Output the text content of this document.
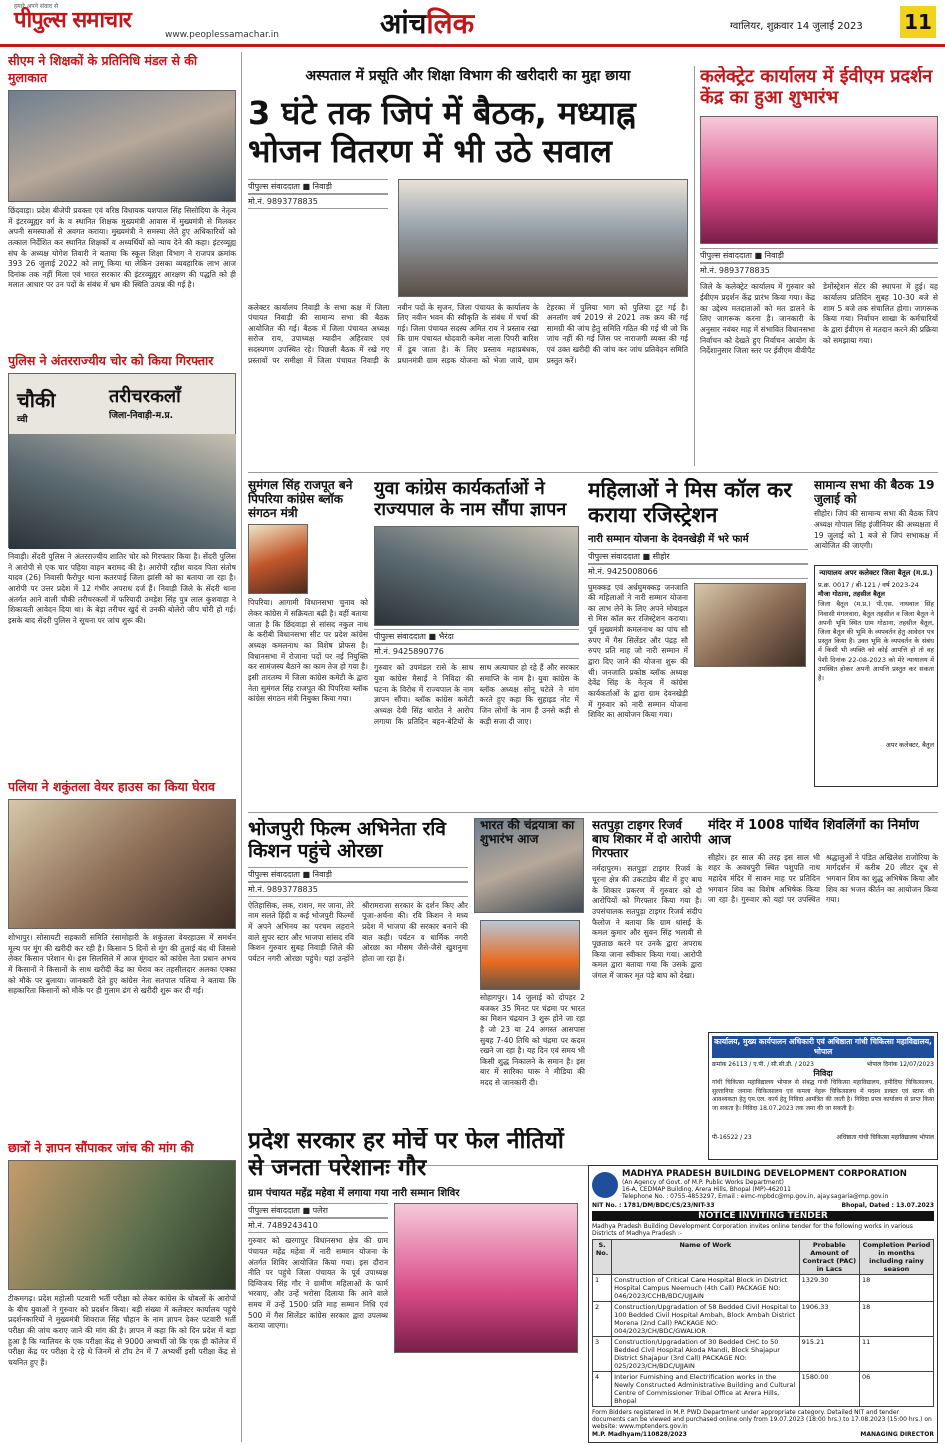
हमारे अपने संवाद से
पीपुल्स समाचार
www.peoplessamachar.in	आंचलिक	ग्वालियर, शुक्रवार 14 जुलाई 2023 11
सीएम ने शिक्षकों के प्रतिनिधि मंडल से की मुलाकात
छिंदवाड़ा। प्रदेश बीजेपी प्रवक्ता एवं वरिष्ठ विधायक यशपाल सिंह सिसोदिया के नेतृत्व में इंटरव्यूह्यर वर्ग के व स्थानित शिक्षक मुख्यमंत्री आवास में मुख्यमंत्री से मिलकर अपनी समस्याओं से अवगत कराया। मुख्यमंत्री ने समस्या लेते हुए अधिकारियों को तत्काल निर्देशित कर स्थानित शिक्षकों व अध्यर्थियों को न्याय देने की कहा। इंटरव्यूह्य संघ के अध्यक्ष योगेश तिवारी ने बताया कि स्कूल शिक्षा विभाग ने राजपत्र क्रमांक 393 26 जुलाई 2022 को लागू किया था लेकिन उसका व्यवहारिक लाभ आज दिनांक तक नहीं मिला एवं भारत सरकार की इंटरव्यूह्यर आरक्षण की पद्धति को ही मलात आधार पर उन पदों के संबंध में भ्रम की स्थिति उत्पन्न की गई है।
पुलिस ने अंतरराज्यीय चोर को किया गिरफ्तार
चौकी
व्वी
तरीचरकलाँ
जिला-निवाड़ी-म.प्र.
निवाड़ी। सेंदरी पुलिस ने अंतरराज्यीय शातिर चोर को गिरफ्तार किया है। सेंदरी पुलिस ने आरोपी से एक चार पहिया वाहन बरामद की है। आरोपी रहीश यादव पिता संतोष यादव (26) निवासी फैरोपुर थाना कतरपाई जिला झांसी को का बताया जा रहा है। आरोपी पर उत्तर प्रदेश में 12 गंभीर अपराध दर्ज हैं। निवाड़ी जिले के सेंदरी थाना अंतर्गत आने वाली चौकी तरीचरकलाँ में फरियादी उमड़ेश सिंह पुत्र लाल कुशवाहा ने शिकायती आवेदन दिया था। के बेड़ा तरीचर खुर्द से उनकी बोलेरो जीप चोरी हो गई। इसके बाद सेंदरी पुलिस ने सूचना पर जांच शुरू की।
पलिया ने शकुंतला वेयर हाउस का किया घेराव
शोभापुर। सोसायटी सहकारी समिति रंसामोहारी के शकुंतला वेयरहाउस में समर्थन मूल्य पर मूंग की खरीदी कर रही है। किसान 5 दिनों से मूंग की तुलाई बंद थी जिससे लेकर किसान परेशान थे। इस सिलसिले में आज मूंगदार को कांग्रेस नेता प्रधान अभय में किसानों ने किसानों के साथ खरीदी केंद्र का घेराव कर तहसीलदार अलका एक्का को मौके पर बुलाया। जानकारी देते हुए कांग्रेस नेता सतपाल पलिया ने बताया कि सहकारिता किसानों को मौके पर ही गुलाम ढंग से खरीदी शुरू कर दी गई।
छात्रों ने ज्ञापन सौंपाकर जांच की मांग की
टीकमगढ़। प्रदेश महोत्सी पटवारी भर्ती परीक्षा को लेकर कांग्रेस के धोबलों के आरोपों के बीच युवाओं ने गुरुवार को प्रदर्शन किया। बड़ी संख्या में कलेक्टर कार्यालय पहुंचे प्रदर्शनकारियों ने मुख्यमंत्री शिवराज सिंह चौहान के नाम ज्ञापन देकर पटवारी भर्ती परीक्षा की जांच कराए जाने की मांग की है। ज्ञापन में कहा कि को दिन प्रदेश में बड़ा हुआ है कि ग्वालियर के एक परीक्षा केंद्र से 9000 अभ्यर्थी जो कि एक ही कॉलेज में परीक्षा केंद्र पर परीक्षा दे रहे थे जिनमें से टॉप टेन में 7 अभ्यर्थी इसी परीक्षा केंद्र से चयनित हुए हैं।
अस्पताल में प्रसूति और शिक्षा विभाग की खरीदारी का मुद्दा छाया
3 घंटे तक जिपं में बैठक, मध्याह्न भोजन वितरण में भी उठे सवाल
पीपुल्स संवाददाता ■ निवाड़ी
मो.नं. 9893778835
कलेक्टर कार्यालय निवाड़ी के सभा कक्ष में जिला पंचायत निवाड़ी की सामान्य सभा की बैठक आयोजित की गई। बैठक में जिला पंचायत अध्यक्ष सरोज राय, उपाध्यक्ष म्यादीन अहिरवार एवं सदस्यगण उपस्थित रहे। पिछली बैठक में रखे गए प्रस्तावों पर समीक्षा में जिला पंचायत निवाड़ी के नवीन पदों के सृजन, जिला पंचायत के कार्यालय के लिए नवीन भवन की स्वीकृति के संबंध में चर्चा की गई। जिला पंचायत सदस्य अमित राय ने प्रस्ताव रखा कि ग्राम पंचायत थोदवारी कमेश नाला पिपरी बारिश में डूब जाता है। के लिए प्रस्ताव महाप्रबंधक, प्रधानमंत्री ग्राम सड़क योजना को भेजा जाये, ग्राम टेहरका में पुलिया भाग को पुलिया टूट गई है। अनलॉग वर्ष 2019 से 2021 तक क्रय की गई सामग्री की जांच हेतु समिति गठित की गई थी जो कि जांच नहीं की गई जिस पर नाराजगी व्यक्त की गई एवं उक्त खरीदी की जांच कर जांच प्रतिवेदन समिति प्रस्तुत करें।
कलेक्ट्रेट कार्यालय में ईवीएम प्रदर्शन केंद्र का हुआ शुभारंभ
पीपुल्स संवाददाता ■ निवाड़ी
मो.नं. 9893778835
जिले के कलेक्ट्रेट कार्यालय में गुरुवार को ईवीएम प्रदर्शन केंद्र प्रारंभ किया गया। केंद्र का उद्देश्य मतदाताओं को मत डालने के लिए जागरूक करना है। जानकारी के अनुसार नवंबर माह में संभावित विधानसभा निर्वाचन को देखते हुए निर्वाचन आयोग के निर्देशानुसार जिला स्तर पर ईवीएम वीवीपैट डेमोंस्ट्रेशन सेंटर की स्थापना में हुई। यह कार्यालय प्रतिदिन सुबह 10-30 बजे से शाम 5 बजे तक संचालित होगा। जागरूक किया गया। निर्वाचन शाखा के कर्मचारियों के द्वारा ईवीएम से मतदान करने की प्रक्रिया को समझाया गया।
सुमंगल सिंह राजपूत बने पिपरिया कांग्रेस ब्लॉक संगठन मंत्री
पिपरिया। आगामी विधानसभा चुनाव को लेकर कांग्रेस में सक्रियता बढ़ी है। वहीं बताया जाता है कि छिंदवाड़ा से सांसद नकुल नाथ के करीबी विधानसभा सीट पर प्रदेश कांग्रेस अध्यक्ष कमलनाथ का विशेष प्रोफस है। विधानसभा में रोजाना पदों पर नई नियुक्ति कर सामंजस्य बैठाने का काम तेज हो गया है। इसी तारतम्य में जिला कांग्रेस कमेटी के द्वारा नेता सुमंगल सिंह राजपूत की पिपरिया ब्लॉक कांग्रेस संगठन मंत्री नियुक्त किया गया।
युवा कांग्रेस कार्यकर्ताओं ने राज्यपाल के नाम सौंपा ज्ञापन
पीपुल्स संवाददाता ■ भैरंदा
मो.नं. 9425890776
गुरुवार को उपमंडल रासे के साथ युवा कांग्रेस मैसाईं ने निविदा की घटना के विरोध में राज्यपाल के नाम ज्ञापन सौंपा। ब्लॉक कांग्रेस कमेटी अध्यक्ष देवी सिंह थारोत ने आरोप लगाया कि प्रतिदिन बहन-बेटियों के साथ अत्याचार हो रहे हैं और सरकार समाप्ति के नाम है। युवा कांग्रेस के ब्लॉक अध्यक्ष सोनू घटेले ने मांग करते हुए कहा कि सुहाइड नोट में जिन लोगों के नाम हैं उनसे कड़ी से कड़ी सजा दी जाए।
महिलाओं ने मिस कॉल कर कराया रजिस्ट्रेशन
नारी सम्मान योजना के देवनखेड़ी में भरे फार्म
पीपुल्स संवाददाता ■ सीहोर
मो.नं. 9425008066
घुमक्कड़ एवं अर्धघुमक्कड़ जनजाति की महिलाओं ने नारी सम्मान योजना का लाभ लेने के लिए अपने मोबाइल से मिस कॉल कर रजिस्ट्रेशन कराया। पूर्व मुख्यमंत्री कमलनाथ का पांच सौ रुपए में गैस सिलेंडर और पंद्रह सौ रुपए प्रति माह जो नारी सम्मान में द्वारा दिए जाने की योजना शुरू की थी। जनजाति प्रकोष्ठ ब्लॉक अध्यक्ष देवेंद्र सिंह के नेतृत्व में कांग्रेस कार्यकर्ताओं के द्वारा ग्राम देवनखेड़ी में गुरुवार को नारी सम्मान योजना शिविर का आयोजन किया गया।
सामान्य सभा की बैठक 19 जुलाई को
सीहोर। जिपं की सामान्य सभा की बैठक जिपं अध्यक्ष गोपाल सिंह इंजीनियर की अध्यक्षता में 19 जुलाई को 1 बजे से जिपं सभाकक्ष में आयोजित की जाएगी।
न्यायालय अपर कलेक्टर जिला बैतूल (म.प्र.)
प्र.क्र. 0017 / बी-121 / वर्ष 2023-24
मौजा गोठाना, तहसील बैतूल
जिला बैतूल (म.प्र.) पी.एस. नाथवाल सिंह निवासी मंगलवारा, बैतूल तहसील व जिला बैतूल ने अपनी भूमि स्थित ग्राम गोठाना, तहसील बैतूल, जिला बैतूल की भूमि के व्यपवर्तन हेतु आवेदन पत्र प्रस्तुत किया है। उक्त भूमि के व्यपवर्तन के संबंध में किसी भी व्यक्ति को कोई आपत्ति हो तो वह पेशी दिनांक 22-08-2023 को मेरे न्यायालय में उपस्थित होकर अपनी आपत्ति प्रस्तुत कर सकता है।
अपर कलेक्टर, बैतूल
भोजपुरी फिल्म अभिनेता रवि किशन पहुंचे ओरछा
पीपुल्स संवाददाता ■ निवाड़ी
मो.नं. 9893778835
ऐतिहासिक, लक, राशन, मर जाना, तेरे नाम सलते हिंदी व कई भोजपुरी फिल्मों में अपने अभिनय का परचम लहराने वाले सुपर स्टार और भाजपा सांसद रवि किशन गुरुवार सुबह निवाड़ी जिले की पर्यटन नगरी ओरछा पहुंचे। यहां उन्होंने श्रीरामराजा सरकार के दर्शन किए और पूजा-अर्चना की। रवि किशन ने मध्य प्रदेश में भाजपा की सरकार बनाने की बात कही। पर्यटन व धार्मिक नगरी ओरछा का मौसम जैसे-जैसे खुशनुमा होता जा रहा है।
सोहागपुर। 14 जुलाई को दोपहर 2 बजकर 35 मिनट पर चंद्रमा पर भारत का मिशन चंद्रयान 3 शुरू होने जा रहा है जो 23 या 24 अगस्त आसपास सुबह 7-40 तिथि को चंद्रमा पर कदम रखने जा रहा है। यह दिन एवं समय भी किसी शुद्ध निकालने के समान है। इस बार में सारिका घारू ने मीडिया की मदद से जानकारी दी।
भारत की चंद्रयात्रा का शुभारंभ आज
सतपुड़ा टाइगर रिजर्व बाघ शिकार में दो आरोपी गिरफ्तार
नर्मदापुरम। सतपुड़ा टाइगर रिजर्व के चूरना क्षेत्र की उकटाडेय बीट में हुए बाघ के शिकार प्रकरण में गुरुवार को दो आरोपियों को गिरफ्तार किया गया है। उपसंचालक सतपुड़ा टाइगर रिजर्व संदीप फैलोज ने बताया कि ग्राम धांसई के कमल कुमार और सुवन सिंह भलावी से पूछताछ करने पर उनके द्वारा अपराध किया जाना स्वीकार किया गया। आरोपी कमल द्वारा बताया गया कि उसके द्वारा जंगल में जाकर मृत पड़े बाघ को देखा।
मंदिर में 1008 पार्थिव शिवलिंगों का निर्माण आज
सीहोर। हर साल की तरह इस साल भी शहर के अवधपुरी स्थित पशुपति नाथ महादेव मंदिर में सावन माह पर प्रतिदिन भगवान शिव का विशेष अभिषेक किया जा रहा है। गुरुवार को यहां पर उपस्थित श्रद्धालुओं ने पंडित अखिलेश राजोरिया के मार्गदर्शन में करीब 20 लीटर दूध से भगवान शिव का शुद्ध अभिषेक किया और शिव का भजन कीर्तन का आयोजन किया गया।
कार्यालय, मुख्य कार्यपालन अधिकारी एवं अधिष्ठाता गांधी चिकित्सा महाविद्यालय, भोपाल
क्रमांक 26113 / ए.पी. / सी.सी.डी. / 2023	भोपाल दिनांक 12/07/2023
निविदा
गांधी चिकित्सा महाविद्यालय भोपाल से संबद्ध गांधी चिकित्सा महाविद्यालय, हमीदिया चिकित्सालय, सुल्तानिया जनाना चिकित्सालय एवं कमला नेहरू चिकित्सालय में पदस्थ डाक्टर एवं स्टाफ की आवश्यकता हेतु एम.एल. कार्य हेतु निविदा आमंत्रित की जाती है। निविदा प्रपत्र कार्यालय से प्राप्त किया जा सकता है। निविदा 18.07.2023 तक जमा की जा सकती है।
पी-16522 / 23	अधिष्ठाता गांधी चिकित्सा महाविद्यालय भोपाल
प्रदेश सरकार हर मोर्चे पर फेल नीतियों से जनता परेशानः गौर
ग्राम पंचायत महेंद्र महेवा में लगाया गया नारी सम्मान शिविर
पीपुल्स संवाददाता ■ पलेरा
मो.नं. 7489243410
गुरुवार को खरगापुर विधानसभा क्षेत्र की ग्राम पंचायत महेंद्र महेवा में नारी सम्मान योजना के अंतर्गत शिविर आयोजित किया गया। इस दौरान नीति पर पहुंचे जिला पंचायत के पूर्व उपाध्यक्ष दिग्विजय सिंह गौर ने ग्रामीण महिलाओं के फार्म भरवाए, और उन्हें भरोसा दिलाया कि आने वाले समय में उन्हें 1500 प्रति माह सम्मान निधि एवं 500 में गैस सिलेंडर कांग्रेस सरकार द्वारा उपलब्ध कराया जाएगा।
MADHYA PRADESH BUILDING DEVELOPMENT CORPORATION
(An Agency of Govt. of M.P. Public Works Department)
16-A, CEDMAP Building, Arera Hills, Bhopal (MP)-462011
Telephone No. : 0755-4853297, Email : eimc-mpbdc@mp.gov.in, ajay.sagaria@mp.gov.in
NIT No. : 1781/DM/BDC/CS/23/NIT-33	Bhopal, Dated : 13.07.2023
NOTICE INVITING TENDER
Madhya Pradesh Building Development Corporation invites online tender for the following works in various Districts of Madhya Pradesh :-
S. No.	Name of Work	Probable Amount of Contract (PAC) in Lacs	Completion Period in months including rainy season
1	Construction of Critical Care Hospital Block in District Hospital Campus Neemuch (4th Call) PACKAGE NO: 046/2023/CCHB/BDC/UJJAIN	1329.30	18
2	Construction/Upgradation of 58 Bedded Civil Hospital to 100 Bedded Civil Hospital Ambah, Block Ambah District Morena (2nd Call) PACKAGE NO: 004/2023/CH/BDC/GWALIOR	1906.33	18
3	Construction/Upgradation of 30 Bedded CHC to 50 Bedded Civil Hospital Akoda Mandi, Block Shajapur District Shajapur (3rd Call) PACKAGE NO: 025/2023/CH/BDC/UJJAIN	915.21	11
4	Interior Furnishing and Electrification works in the Newly Constructed Administrative Building and Cultural Centre of Commissioner Tribal Office at Arera Hills, Bhopal	1580.00	06
Form Bidders registered in M.P. PWD Department under appropriate category. Detailed NIT and tender documents can be viewed and purchased online only from 19.07.2023 (18:00 hrs.) to 17.08.2023 (15:00 hrs.) on website: www.mptenders.gov.in
M.P. Madhyam/110828/2023	MANAGING DIRECTOR
